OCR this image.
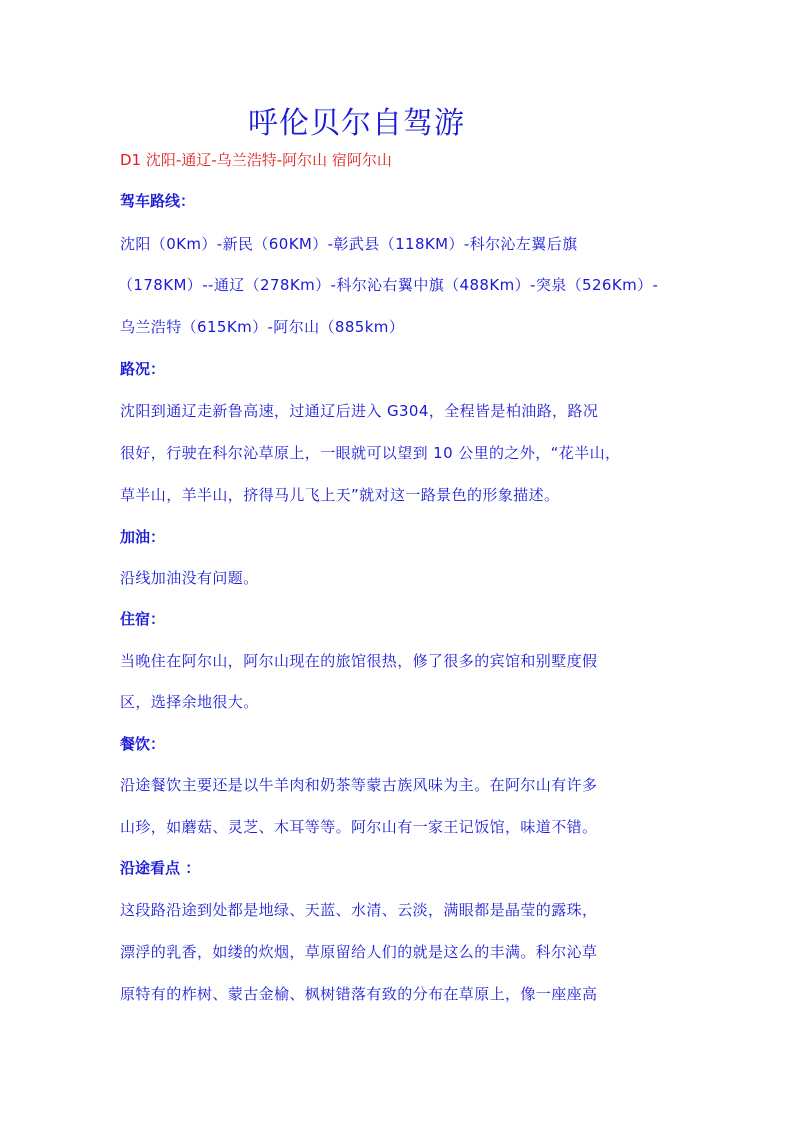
呼伦贝尔自驾游
D1 沈阳-通辽-乌兰浩特-阿尔山 宿阿尔山
驾车路线：
沈阳（0Km）-新民（60KM）-彰武县（118KM）-科尔沁左翼后旗
（178KM）--通辽（278Km）-科尔沁右翼中旗（488Km）-突泉（526Km）-
乌兰浩特（615Km）-阿尔山（885km）
路况：
沈阳到通辽走新鲁高速，过通辽后进入 G304，全程皆是柏油路，路况
很好，行驶在科尔沁草原上，一眼就可以望到 10 公里的之外，“花半山，
草半山，羊半山，挤得马儿飞上天”就对这一路景色的形象描述。
加油：
沿线加油没有问题。
住宿：
当晚住在阿尔山，阿尔山现在的旅馆很热，修了很多的宾馆和别墅度假
区，选择余地很大。
餐饮：
沿途餐饮主要还是以牛羊肉和奶茶等蒙古族风味为主。在阿尔山有许多
山珍，如蘑菇、灵芝、木耳等等。阿尔山有一家王记饭馆，味道不错。
沿途看点 ：
这段路沿途到处都是地绿、天蓝、水清、云淡，满眼都是晶莹的露珠，
漂浮的乳香，如缕的炊烟，草原留给人们的就是这么的丰满。科尔沁草
原特有的柞树、蒙古金榆、枫树错落有致的分布在草原上，像一座座高
